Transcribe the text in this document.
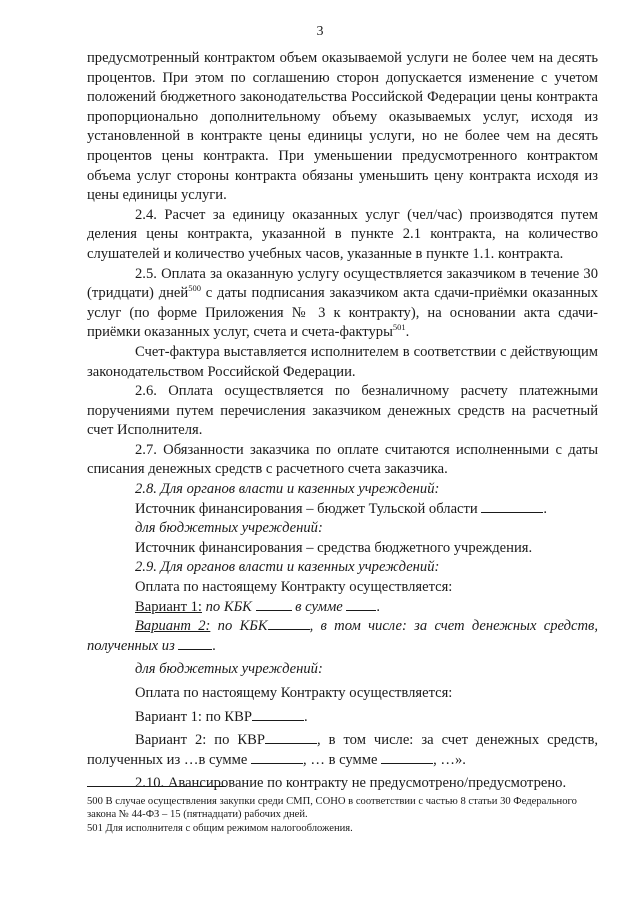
3

предусмотренный контрактом объем оказываемой услуги не более чем на десять процентов. При этом по соглашению сторон допускается изменение с учетом положений бюджетного законодательства Российской Федерации цены контракта пропорционально дополнительному объему оказываемых услуг, исходя из установленной в контракте цены единицы услуги, но не более чем на десять процентов цены контракта. При уменьшении предусмотренного контрактом объема услуг стороны контракта обязаны уменьшить цену контракта исходя из цены единицы услуги.

2.4. Расчет за единицу оказанных услуг (чел/час) производятся путем деления цены контракта, указанной в пункте 2.1 контракта, на количество слушателей и количество учебных часов, указанные в пункте 1.1. контракта.

2.5. Оплата за оказанную услугу осуществляется заказчиком в течение 30 (тридцати) дней$^{500}$ с даты подписания заказчиком акта сдачи-приёмки оказанных услуг (по форме Приложения № 3 к контракту), на основании акта сдачи-приёмки оказанных услуг, счета и счета-фактуры$^{501}$.

Счет-фактура выставляется исполнителем в соответствии с действующим законодательством Российской Федерации.

2.6. Оплата осуществляется по безналичному расчету платежными поручениями путем перечисления заказчиком денежных средств на расчетный счет Исполнителя.

2.7. Обязанности заказчика по оплате считаются исполненными с даты списания денежных средств с расчетного счета заказчика.

2.8. Для органов власти и казенных учреждений:

Источник финансирования – бюджет Тульской области	.

для бюджетных учреждений:

Источник финансирования – средства бюджетного учреждения.

2.9. Для органов власти и казенных учреждений:

Оплата по настоящему Контракту осуществляется:

Вариант 1: по КБК	в сумме .

Вариант 2: по КБК	, в том числе: за счет денежных средств, полученных из	.

для бюджетных учреждений:

Оплата по настоящему Контракту осуществляется:

Вариант 1: по КВР	.

Вариант 2: по КВР	, в том числе: за счет денежных средств, полученных из …в сумме	, … в сумме	, …».

2.10. Авансирование по контракту не предусмотрено/предусмотрено.

500 В случае осуществления закупки среди СМП, СОНО в соответствии с частью 8 статьи 30 Федерального закона № 44-ФЗ – 15 (пятнадцати) рабочих дней.

501 Для исполнителя с общим режимом налогообложения.
